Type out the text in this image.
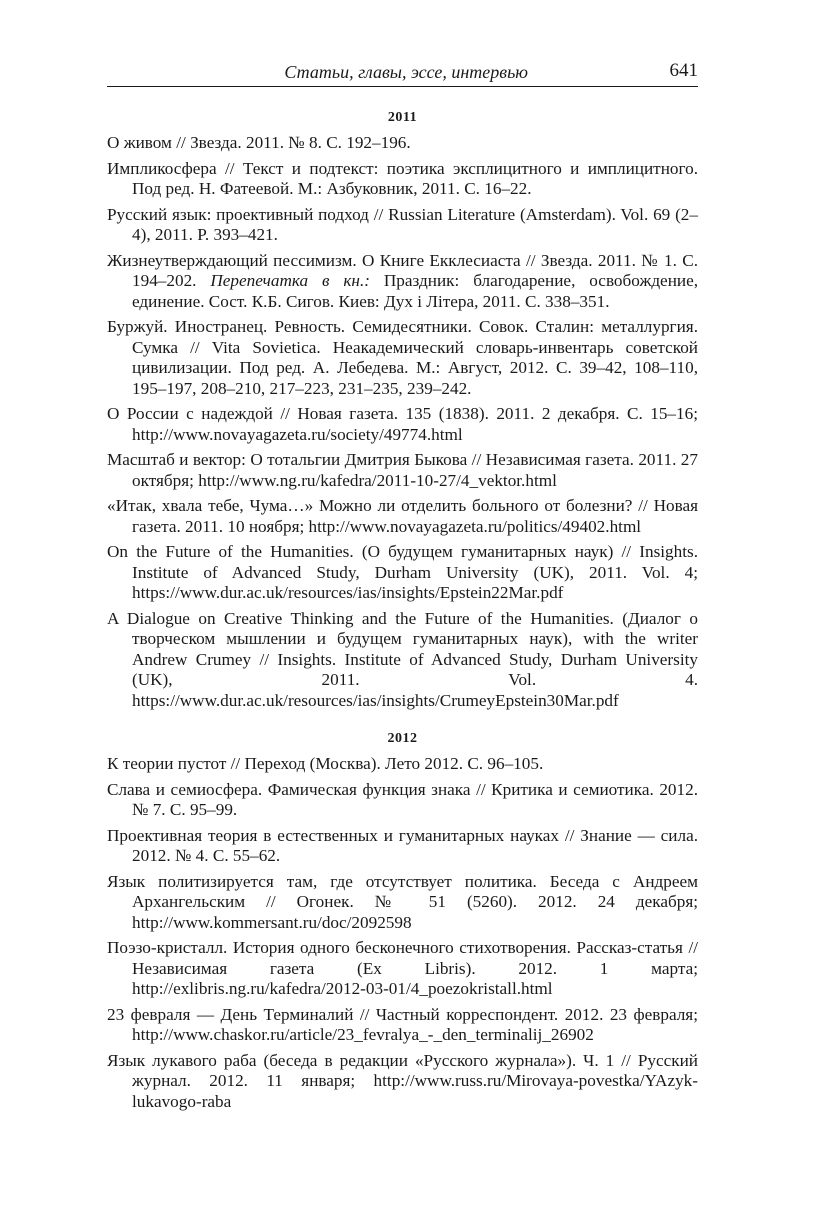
Статьи, главы, эссе, интервью	641
2011

О живом // Звезда. 2011. № 8. С. 192–196.

Импликосфера // Текст и подтекст: поэтика эксплицитного и имплицитного. Под ред. Н. Фатеевой. М.: Азбуковник, 2011. С. 16–22.

Русский язык: проективный подход // Russian Literature (Amsterdam). Vol. 69 (2–4), 2011. P. 393–421.

Жизнеутверждающий пессимизм. О Книге Екклесиаста // Звезда. 2011. № 1. С. 194–202. Перепечатка в кн.: Праздник: благодарение, освобождение, единение. Сост. К.Б. Сигов. Киев: Дух і Літера, 2011. С. 338–351.

Буржуй. Иностранец. Ревность. Семидесятники. Совок. Сталин: металлургия. Сумка // Vita Sovietica. Неакадемический словарь-инвентарь советской цивилизации. Под ред. А. Лебедева. М.: Август, 2012. С. 39–42, 108–110, 195–197, 208–210, 217–223, 231–235, 239–242.

О России с надеждой // Новая газета. 135 (1838). 2011. 2 декабря. С. 15–16; http://www.novayagazeta.ru/society/49774.html

Масштаб и вектор: О тотальгии Дмитрия Быкова // Независимая газета. 2011. 27 октября; http://www.ng.ru/kafedra/2011-10-27/4_vektor.html

«Итак, хвала тебе, Чума…» Можно ли отделить больного от болезни? // Новая газета. 2011. 10 ноября; http://www.novayagazeta.ru/politics/49402.html

On the Future of the Humanities. (О будущем гуманитарных наук) // Insights. Institute of Advanced Study, Durham University (UK), 2011. Vol. 4; https://www.dur.ac.uk/resources/ias/insights/Epstein22Mar.pdf

A Dialogue on Creative Thinking and the Future of the Humanities. (Диалог о творческом мышлении и будущем гуманитарных наук), with the writer Andrew Crumey // Insights. Institute of Advanced Study, Durham University (UK), 2011. Vol. 4. https://www.dur.ac.uk/resources/ias/insights/CrumeyEpstein30Mar.pdf

2012

К теории пустот // Переход (Москва). Лето 2012. С. 96–105.

Слава и семиосфера. Фамическая функция знака // Критика и семиотика. 2012. № 7. С. 95–99.

Проективная теория в естественных и гуманитарных науках // Знание — сила. 2012. № 4. С. 55–62.

Язык политизируется там, где отсутствует политика. Беседа с Андреем Архангельским // Огонек. № 51 (5260). 2012. 24 декабря; http://www.kommersant.ru/doc/2092598

Поэзо-кристалл. История одного бесконечного стихотворения. Рассказ-статья // Независимая газета (Ex Libris). 2012. 1 марта; http://exlibris.ng.ru/kafedra/2012-03-01/4_poezokristall.html

23 февраля — День Терминалий // Частный корреспондент. 2012. 23 февраля; http://www.chaskor.ru/article/23_fevralya_-_den_terminalij_26902

Язык лукавого раба (беседа в редакции «Русского журнала»). Ч. 1 // Русский журнал. 2012. 11 января; http://www.russ.ru/Mirovaya-povestka/YAzyk-lukavogo-raba
